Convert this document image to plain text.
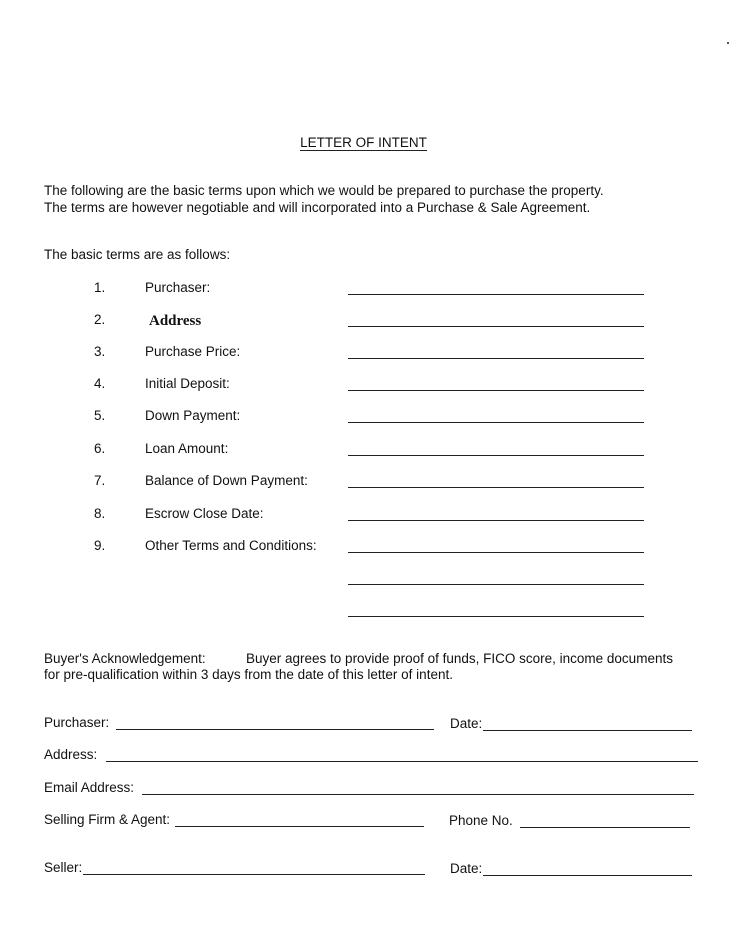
LETTER OF INTENT
The following are the basic terms upon which we would be prepared to purchase the property.
The terms are however negotiable and will incorporated into a Purchase & Sale Agreement.
The basic terms are as follows:
1.	Purchaser:
2.	Address
3.	Purchase Price:
4.	Initial Deposit:
5.	Down Payment:
6.	Loan Amount:
7.	Balance of Down Payment:
8.	Escrow Close Date:
9.	Other Terms and Conditions:
Buyer's Acknowledgement:	Buyer agrees to provide proof of funds, FICO score, income documents
for pre-qualification within 3 days from the date of this letter of intent.
Purchaser:	Date:
Address:
Email Address:
Selling Firm & Agent:	Phone No.
Seller:	Date:
